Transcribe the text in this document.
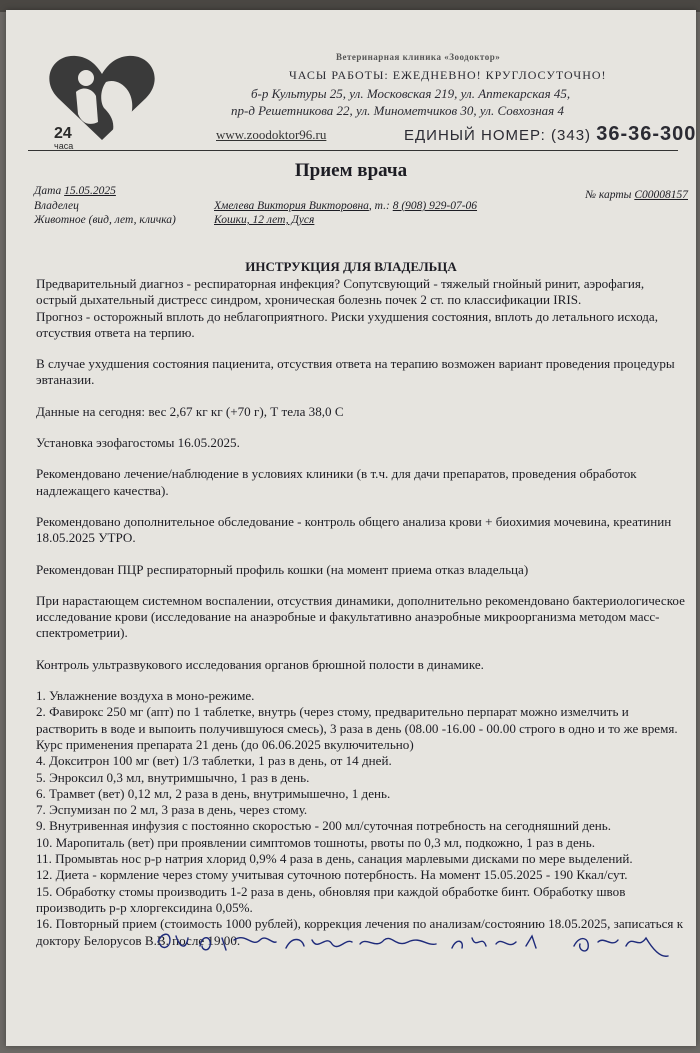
24
часа
Ветеринарная клиника «Зоодоктор»
ЧАСЫ РАБОТЫ: ЕЖЕДНЕВНО! КРУГЛОСУТОЧНО!
б-р Культуры 25, ул. Московская 219, ул. Аптекарская 45,
пр-д Решетникова 22, ул. Минометчиков 30, ул. Совхозная 4
www.zoodoktor96.ru	ЕДИНЫЙ НОМЕР: (343) 36-36-300
Прием врача
Дата 15.05.2025	№ карты С00008157
Владелец	Хмелева Виктория Викторовна, т.: 8 (908) 929-07-06
Животное (вид, лет, кличка)	Кошки, 12 лет, Дуся
ИНСТРУКЦИЯ ДЛЯ ВЛАДЕЛЬЦА

Предварительный диагноз - респираторная инфекция? Сопутсвующий - тяжелый гнойный ринит, аэрофагия, острый дыхательный дистресс синдром, хроническая болезнь почек 2 ст. по классификации IRIS.

Прогноз - осторожный вплоть до неблагоприятного. Риски ухудшения состояния, вплоть до летального исхода, отсуствия ответа на терпию.

В случае ухудшения состояния пациенита, отсуствия ответа на терапию возможен вариант проведения процедуры эвтаназии.

Данные на сегодня: вес 2,67 кг кг (+70 г), Т тела 38,0 С

Установка эзофагостомы 16.05.2025.

Рекомендовано лечение/наблюдение в условиях клиники (в т.ч. для дачи препаратов, проведения обработок надлежащего качества).

Рекомендовано дополнительное обследование - контроль общего анализа крови + биохимия мочевина, креатинин 18.05.2025 УТРО.

Рекомендован ПЦР респираторный профиль кошки (на момент приема отказ владельца)

При нарастающем системном воспалении, отсуствия динамики, дополнительно рекомендовано бактериологическое исследование крови (исследование на анаэробные и факультативно анаэробные микроорганизма методом масс-спектрометрии).

Контроль ультразвукового исследования органов брюшной полости в динамике.

1. Увлажнение воздуха в моно-режиме.

2. Фавирокс 250 мг (апт) по 1 таблетке, внутрь (через стому, предварительно перпарат можно измелчить и растворить в воде и выпоить получившуюся смесь), 3 раза в день (08.00 -16.00 - 00.00 строго в одно и то же время. Курс применения препарата 21 день (до 06.06.2025 вкулючительно)

4. Докситрон 100 мг (вет) 1/3 таблетки, 1 раз в день, от 14 дней.

5. Энроксил 0,3 мл, внутримшычно, 1 раз в день.

6. Трамвет (вет) 0,12 мл, 2 раза в день, внутримышечно, 1 день.

7. Эспумизан по 2 мл, 3 раза в день, через стому.

9. Внутривенная инфузия с постоянно скоростью - 200 мл/суточная потребность на сегодняшний день.

10. Маропиталь (вет) при проявлении симптомов тошноты, рвоты по 0,3 мл, подкожно, 1 раз в день.

11. Промывтаь нос р-р натрия хлорид 0,9% 4 раза в день, санация марлевыми дисками по мере выделений.

12. Диета - кормление через стому учитывая суточною потербность. На момент 15.05.2025 - 190 Ккал/сут.

15. Обработку стомы производить 1-2 раза в день, обновляя при каждой обработке бинт. Обработку швов производить р-р хлоргексидина 0,05%.

16. Повторный прием (стоимость 1000 рублей), коррекция лечения по анализам/состоянию 18.05.2025, записаться к доктору Белорусов В.В. после 19.00.
